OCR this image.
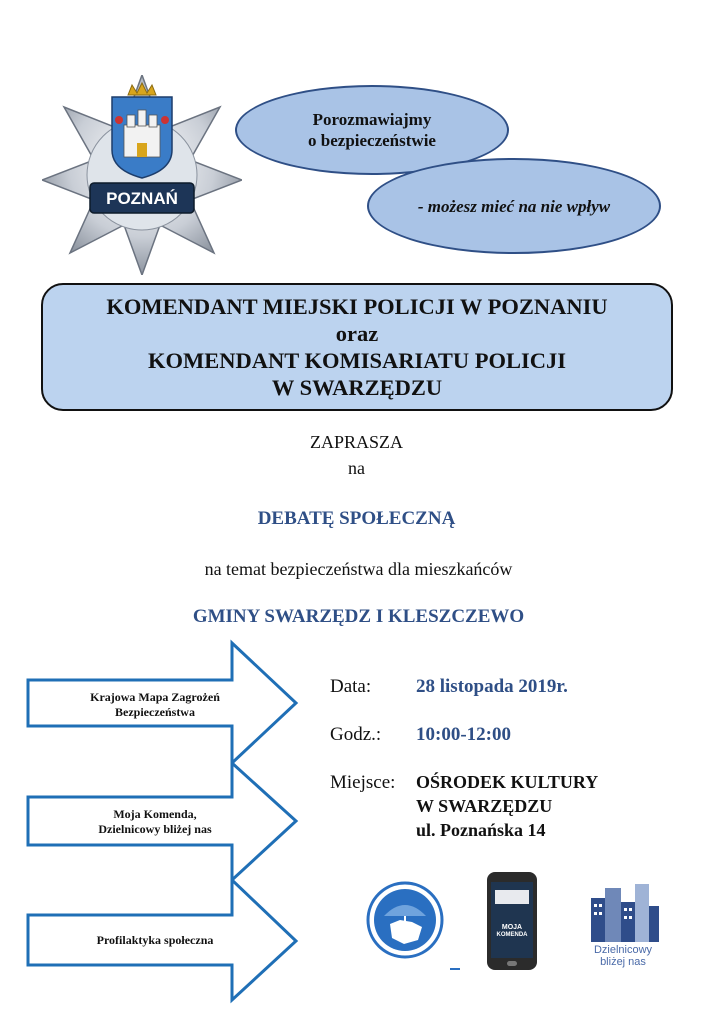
POZNAŃ
Porozmawiajmy
o bezpieczeństwie
- możesz mieć na nie wpływ
KOMENDANT MIEJSKI POLICJI W POZNANIU
oraz
KOMENDANT KOMISARIATU POLICJI
W SWARZĘDZU
ZAPRASZA
na
DEBATĘ SPOŁECZNĄ
na temat bezpieczeństwa dla mieszkańców
GMINY SWARZĘDZ I KLESZCZEWO
Krajowa Mapa Zagrożeń
Bezpieczeństwa
Moja Komenda,
Dzielnicowy bliżej nas
Profilaktyka społeczna
Data: 28 listopada 2019r.
Godz.: 10:00-12:00
Miejsce: OŚRODEK KULTURY
W SWARZĘDZU
ul. Poznańska 14
MOJA
KOMENDA
Dzielnicowy
bliżej nas
